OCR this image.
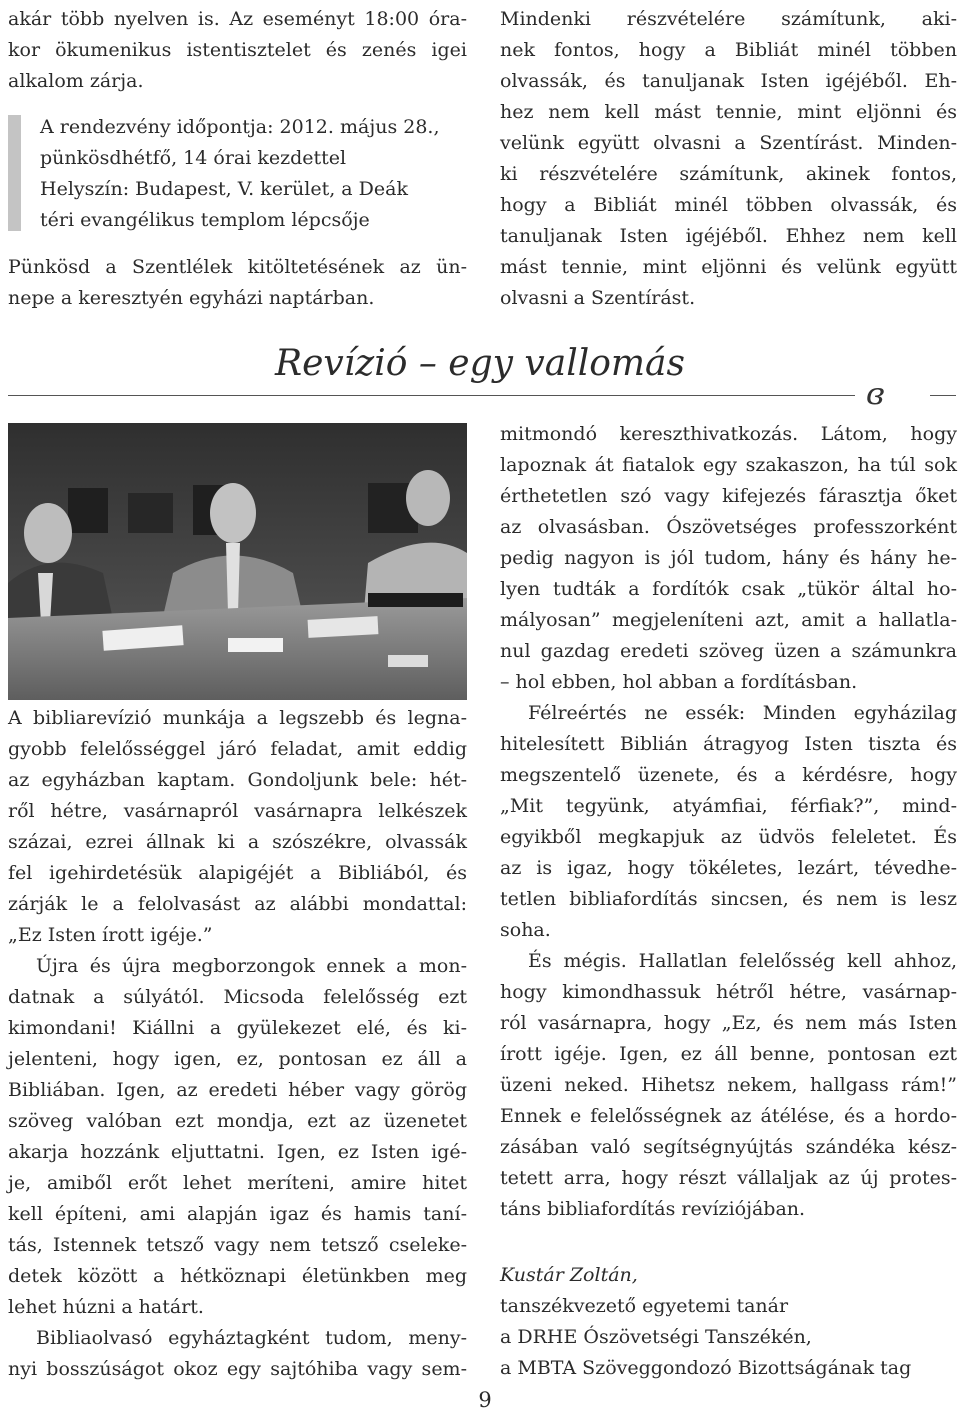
akár több nyelven is. Az eseményt 18:00 óra-
kor ökumenikus istentisztelet és zenés igei
alkalom zárja.
A rendezvény időpontja: 2012. május 28.,
pünkösdhétfő, 14 órai kezdettel
Helyszín: Budapest, V. kerület, a Deák
téri evangélikus templom lépcsője
Pünkösd a Szentlélek kitöltetésének az ün-
nepe a keresztyén egyházi naptárban.
Mindenki részvételére számítunk, aki-
nek fontos, hogy a Bibliát minél többen
olvassák, és tanuljanak Isten igéjéből. Eh-
hez nem kell mást tennie, mint eljönni és
velünk együtt olvasni a Szentírást. Minden-
ki részvételére számítunk, akinek fontos,
hogy a Bibliát minél többen olvassák, és
tanuljanak Isten igéjéből. Ehhez nem kell
mást tennie, mint eljönni és velünk együtt
olvasni a Szentírást.
Revízió – egy vallomás
ɞ
A bibliarevízió munkája a legszebb és legna-
gyobb felelősséggel járó feladat, amit eddig
az egyházban kaptam. Gondoljunk bele: hét-
ről hétre, vasárnapról vasárnapra lelkészek
százai, ezrei állnak ki a szószékre, olvassák
fel igehirdetésük alapigéjét a Bibliából, és
zárják le a felolvasást az alábbi mondattal:
„Ez Isten írott igéje.”
Újra és újra megborzongok ennek a mon-
datnak a súlyától. Micsoda felelősség ezt
kimondani! Kiállni a gyülekezet elé, és ki-
jelenteni, hogy igen, ez, pontosan ez áll a
Bibliában. Igen, az eredeti héber vagy görög
szöveg valóban ezt mondja, ezt az üzenetet
akarja hozzánk eljuttatni. Igen, ez Isten igé-
je, amiből erőt lehet meríteni, amire hitet
kell építeni, ami alapján igaz és hamis taní-
tás, Istennek tetsző vagy nem tetsző cseleke-
detek között a hétköznapi életünkben meg
lehet húzni a határt.
Bibliaolvasó egyháztagként tudom, meny-
nyi bosszúságot okoz egy sajtóhiba vagy sem-
mitmondó kereszthivatkozás. Látom, hogy
lapoznak át fiatalok egy szakaszon, ha túl sok
érthetetlen szó vagy kifejezés fárasztja őket
az olvasásban. Ószövetséges professzorként
pedig nagyon is jól tudom, hány és hány he-
lyen tudták a fordítók csak „tükör által ho-
mályosan” megjeleníteni azt, amit a hallatla-
nul gazdag eredeti szöveg üzen a számunkra
– hol ebben, hol abban a fordításban.
Félreértés ne essék: Minden egyházilag
hitelesített Biblián átragyog Isten tiszta és
megszentelő üzenete, és a kérdésre, hogy
„Mit tegyünk, atyámfiai, férfiak?”, mind-
egyikből megkapjuk az üdvös feleletet. És
az is igaz, hogy tökéletes, lezárt, tévedhe-
tetlen bibliafordítás sincsen, és nem is lesz
soha.
És mégis. Hallatlan felelősség kell ahhoz,
hogy kimondhassuk hétről hétre, vasárnap-
ról vasárnapra, hogy „Ez, és nem más Isten
írott igéje. Igen, ez áll benne, pontosan ezt
üzeni neked. Hihetsz nekem, hallgass rám!”
Ennek e felelősségnek az átélése, és a hordo-
zásában való segítségnyújtás szándéka kész-
tetett arra, hogy részt vállaljak az új protes-
táns bibliafordítás revíziójában.
Kustár Zoltán,
tanszékvezető egyetemi tanár
a DRHE Ószövetségi Tanszékén,
a MBTA Szöveggondozó Bizottságának tag
9
